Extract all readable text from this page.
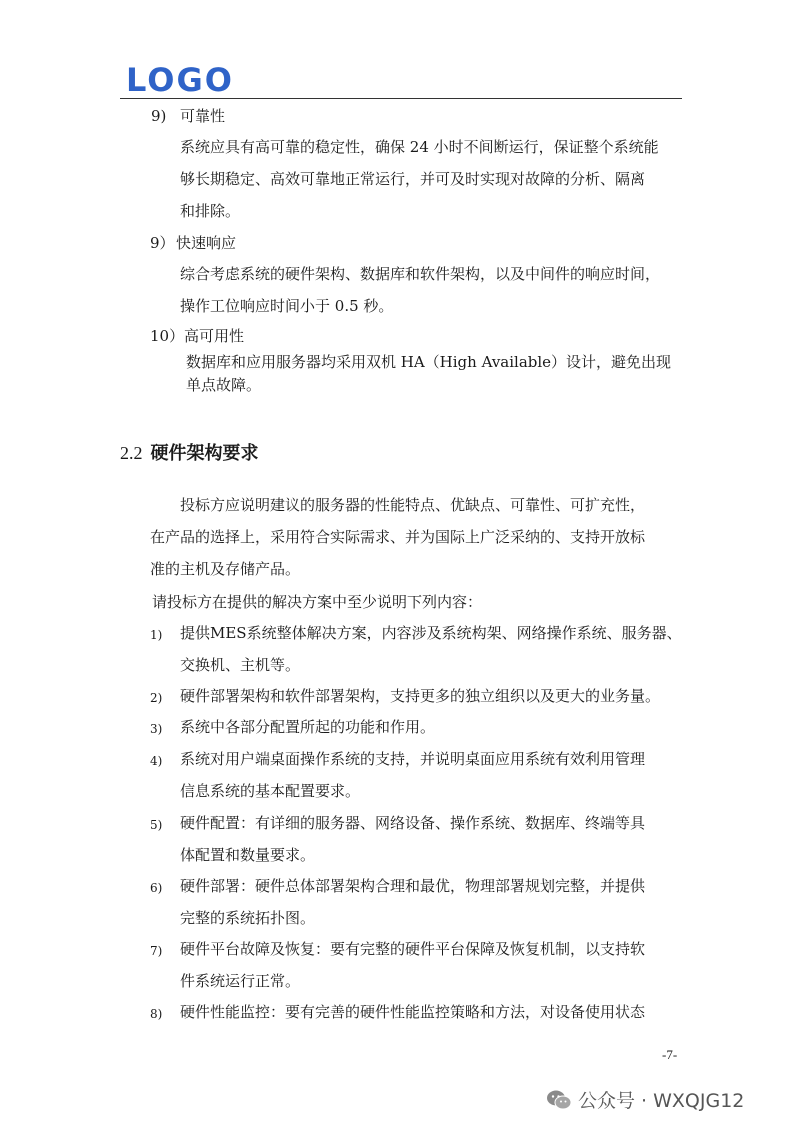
LOGO
9) 可靠性
系统应具有高可靠的稳定性，确保 24 小时不间断运行，保证整个系统能
够长期稳定、高效可靠地正常运行，并可及时实现对故障的分析、隔离
和排除。
9） 快速响应
综合考虑系统的硬件架构、数据库和软件架构，以及中间件的响应时间，
操作工位响应时间小于 0.5 秒。
10） 高可用性
数据库和应用服务器均采用双机 HA（High Available）设计，避免出现
单点故障。
2.2 硬件架构要求
投标方应说明建议的服务器的性能特点、优缺点、可靠性、可扩充性，
在产品的选择上，采用符合实际需求、并为国际上广泛采纳的、支持开放标
准的主机及存储产品。
请投标方在提供的解决方案中至少说明下列内容：
1) 提供MES系统整体解决方案，内容涉及系统构架、网络操作系统、服务器、
交换机、主机等。
2) 硬件部署架构和软件部署架构，支持更多的独立组织以及更大的业务量。
3) 系统中各部分配置所起的功能和作用。
4) 系统对用户端桌面操作系统的支持，并说明桌面应用系统有效利用管理
信息系统的基本配置要求。
5) 硬件配置：有详细的服务器、网络设备、操作系统、数据库、终端等具
体配置和数量要求。
6) 硬件部署：硬件总体部署架构合理和最优，物理部署规划完整，并提供
完整的系统拓扑图。
7) 硬件平台故障及恢复：要有完整的硬件平台保障及恢复机制，以支持软
件系统运行正常。
8) 硬件性能监控：要有完善的硬件性能监控策略和方法，对设备使用状态
-7-
公众号 · WXQJG12
